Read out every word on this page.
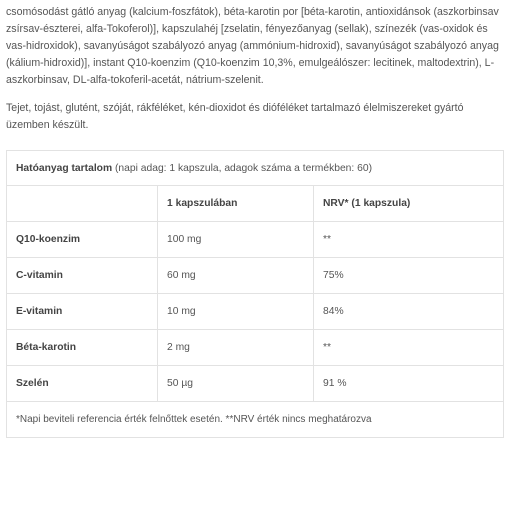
csomósodást gátló anyag (kalcium-foszfátok), béta-karotin por [béta-karotin, antioxidánsok (aszkorbinsav zsírsav-észterei, alfa-Tokoferol)], kapszulahéj [zselatin, fényezőanyag (sellak), színezék (vas-oxidok és vas-hidroxidok), savanyúságot szabályozó anyag (ammónium-hidroxid), savanyúságot szabályozó anyag (kálium-hidroxid)], instant Q10-koenzim (Q10-koenzim 10,3%, emulgeálószer: lecitinek, maltodextrin), L-aszkorbinsav, DL-alfa-tokoferil-acetát, nátrium-szelenit.

Tejet, tojást, glutént, szóját, rákféléket, kén-dioxidot és dióféléket tartalmazó élelmiszereket gyártó üzemben készült.

Hatóanyag tartalom (napi adag: 1 kapszula, adagok száma a termékben: 60)		
	1 kapszulában	NRV* (1 kapszula)
Q10-koenzim	100 mg	**
C-vitamin	60 mg	75%
E-vitamin	10 mg	84%
Béta-karotin	2 mg	**
Szelén	50 µg	91 %
*Napi beviteli referencia érték felnőttek esetén. **NRV érték nincs meghatározva		
